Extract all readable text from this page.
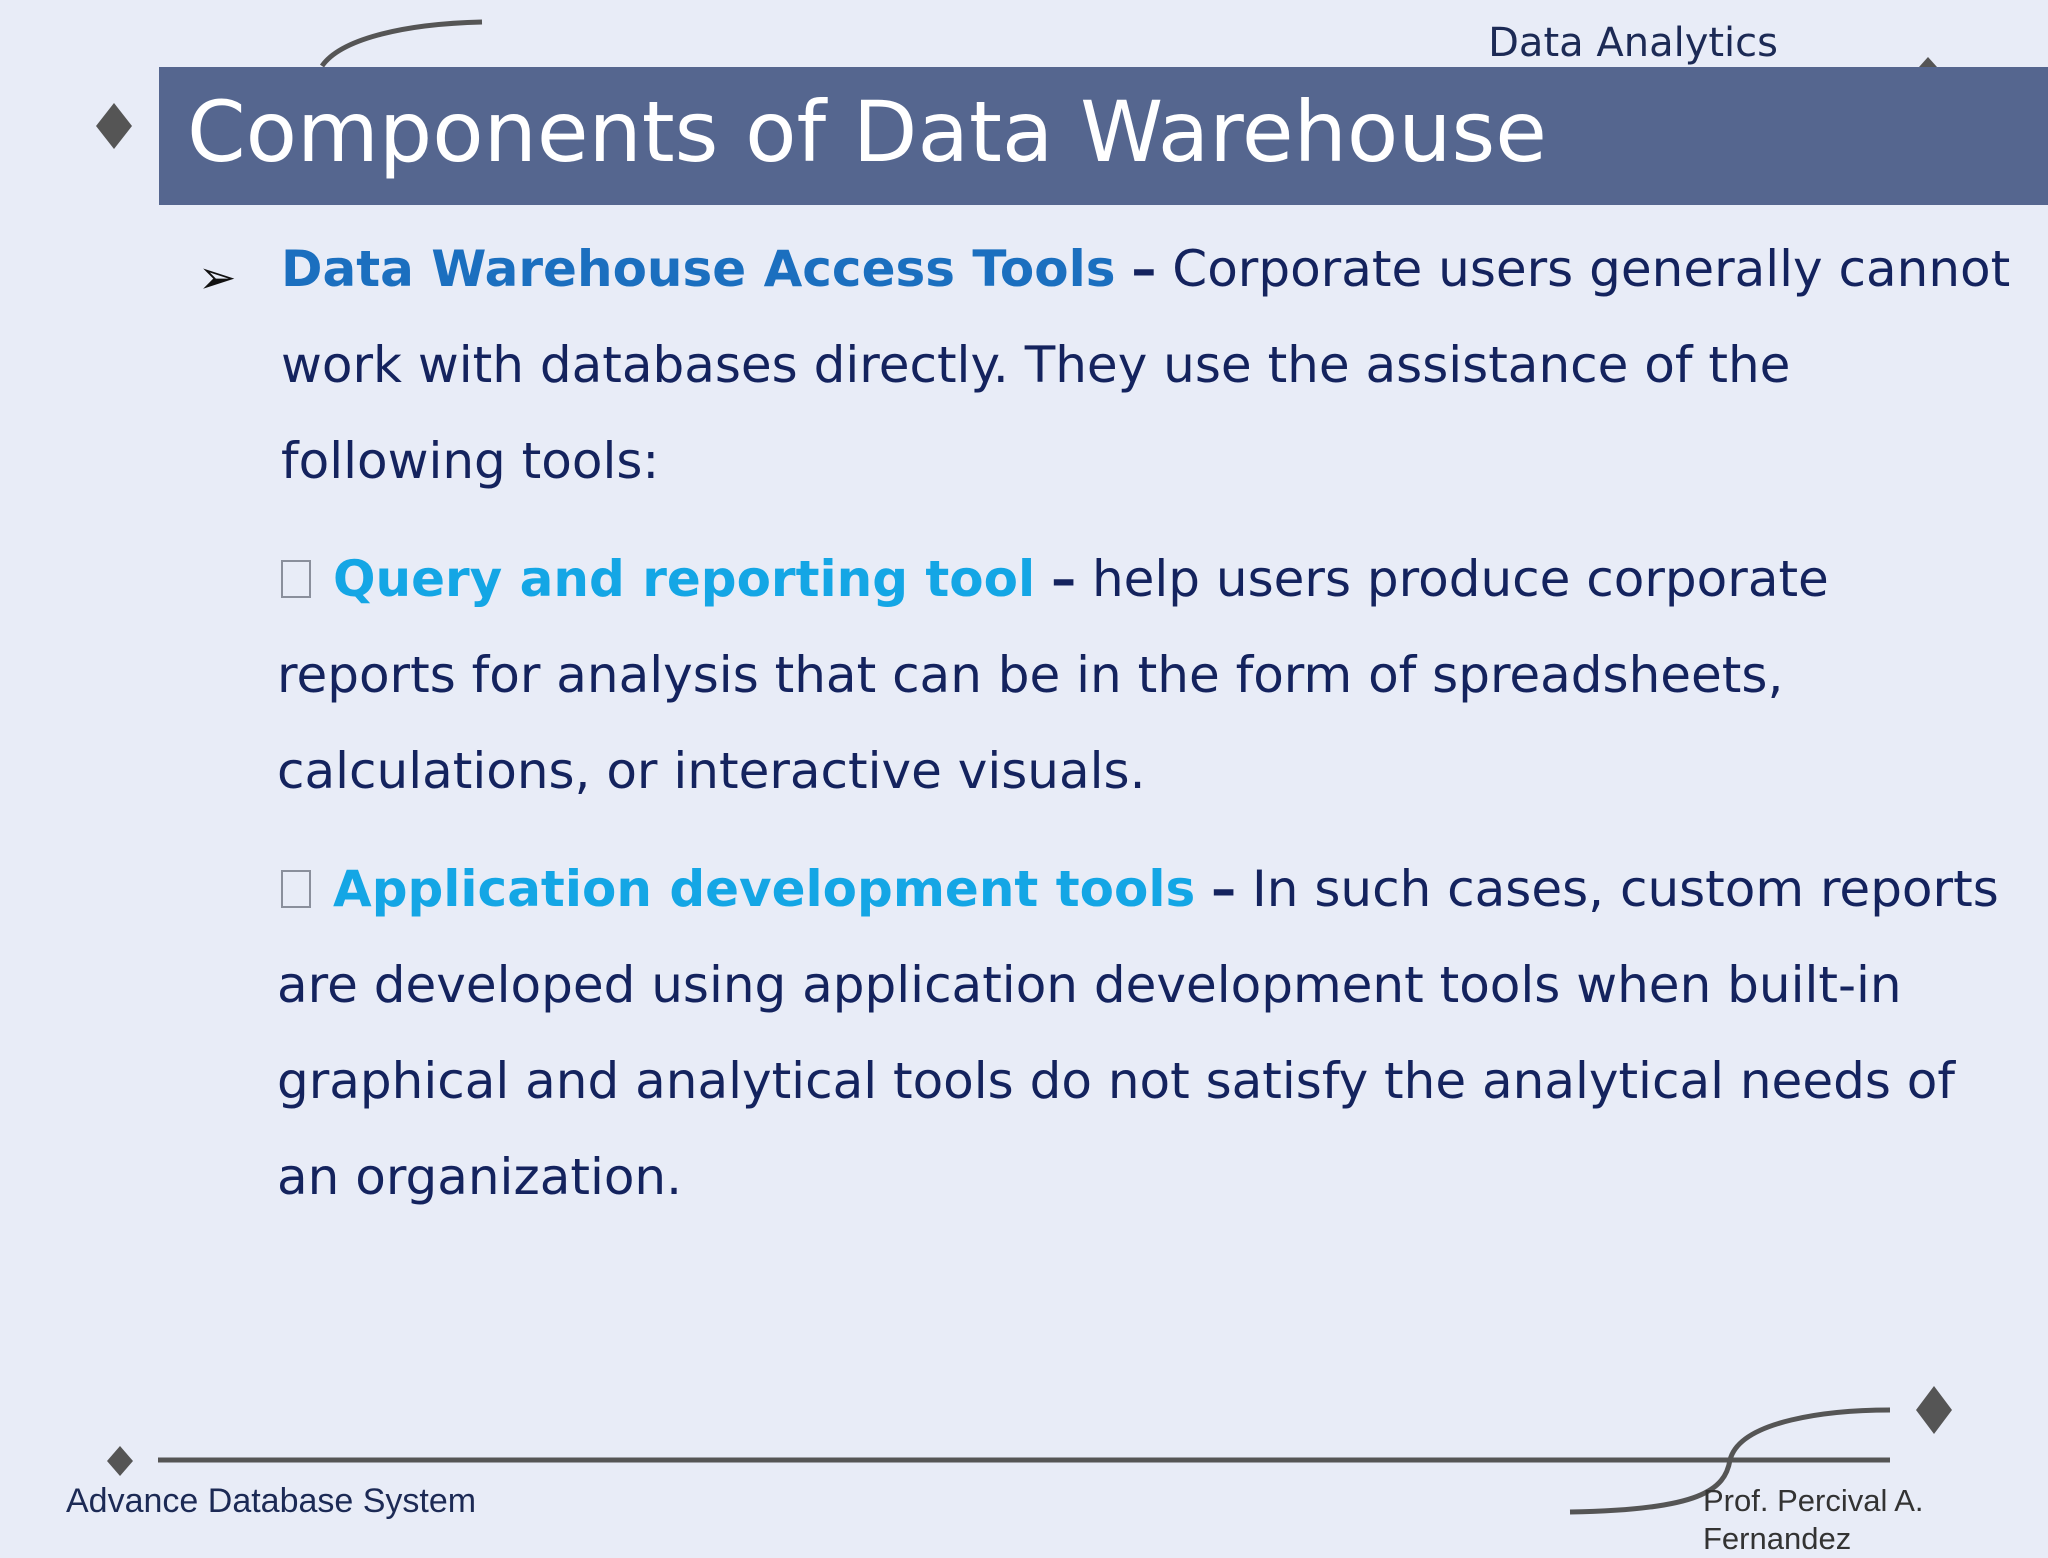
Data Analytics
Components of Data Warehouse
➢ Data Warehouse Access Tools – Corporate users generally cannot
work with databases directly. They use the assistance of the
following tools:
Query and reporting tool – help users produce corporate
reports for analysis that can be in the form of spreadsheets,
calculations, or interactive visuals.
Application development tools – In such cases, custom reports
are developed using application development tools when built-in
graphical and analytical tools do not satisfy the analytical needs of
an organization.
Advance Database System	Prof. Percival A.
Fernandez
